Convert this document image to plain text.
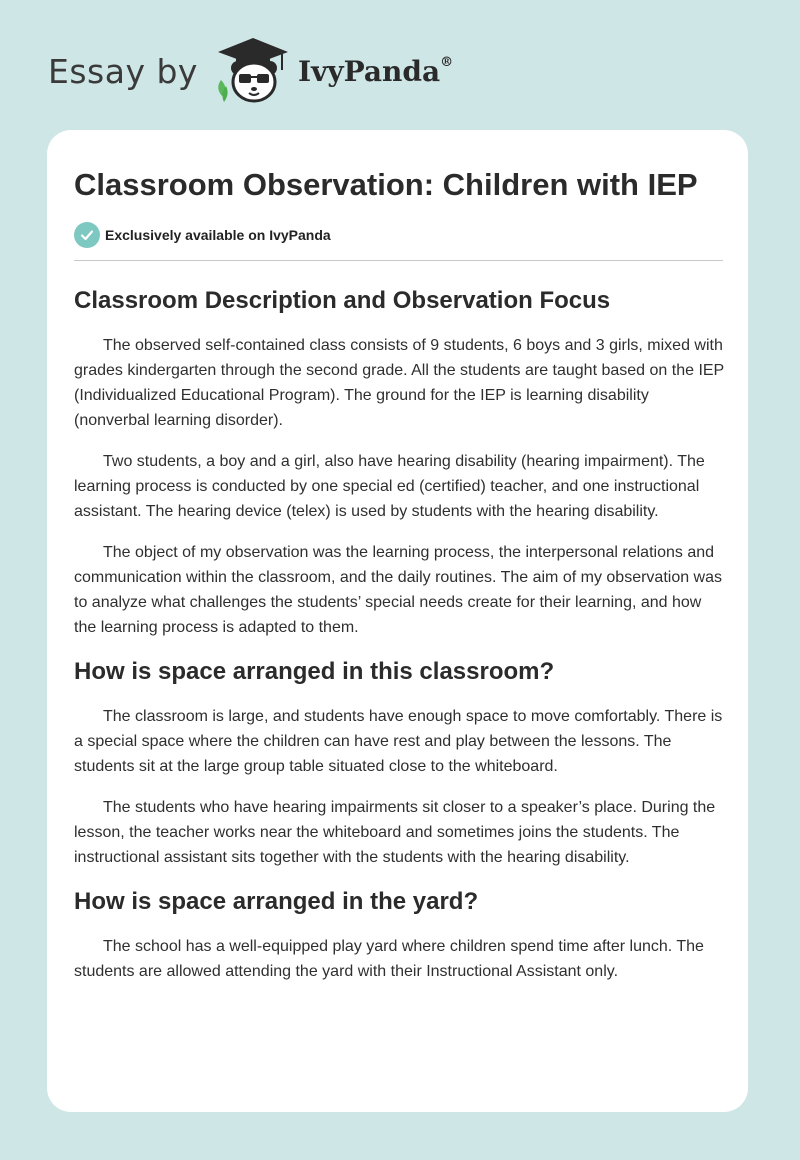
Essay by	IvyPanda®
Classroom Observation: Children with IEP
Exclusively available on IvyPanda
Classroom Description and Observation Focus

The observed self-contained class consists of 9 students, 6 boys and 3 girls, mixed with grades kindergarten through the second grade. All the students are taught based on the IEP (Individualized Educational Program). The ground for the IEP is learning disability (nonverbal learning disorder).

Two students, a boy and a girl, also have hearing disability (hearing impairment). The learning process is conducted by one special ed (certified) teacher, and one instructional assistant. The hearing device (telex) is used by students with the hearing disability.

The object of my observation was the learning process, the interpersonal relations and communication within the classroom, and the daily routines. The aim of my observation was to analyze what challenges the students’ special needs create for their learning, and how the learning process is adapted to them.

How is space arranged in this classroom?

The classroom is large, and students have enough space to move comfortably. There is a special space where the children can have rest and play between the lessons. The students sit at the large group table situated close to the whiteboard.

The students who have hearing impairments sit closer to a speaker’s place. During the lesson, the teacher works near the whiteboard and sometimes joins the students. The instructional assistant sits together with the students with the hearing disability.

How is space arranged in the yard?

The school has a well-equipped play yard where children spend time after lunch. The students are allowed attending the yard with their Instructional Assistant only.
